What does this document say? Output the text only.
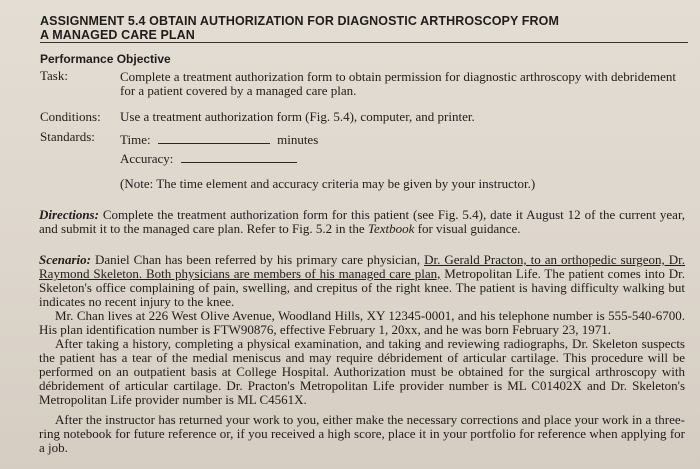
ASSIGNMENT 5.4 OBTAIN AUTHORIZATION FOR DIAGNOSTIC ARTHROSCOPY FROM
A MANAGED CARE PLAN
Performance Objective
Task:	Complete a treatment authorization form to obtain permission for diagnostic arthroscopy with debridement for a patient covered by a managed care plan.
Conditions: Use a treatment authorization form (Fig. 5.4), computer, and printer.
Standards: Time:	minutes
Accuracy:
(Note: The time element and accuracy criteria may be given by your instructor.)
Directions: Complete the treatment authorization form for this patient (see Fig. 5.4), date it August 12 of the current year, and submit it to the managed care plan. Refer to Fig. 5.2 in the Textbook for visual guidance.
Scenario: Daniel Chan has been referred by his primary care physician, Dr. Gerald Practon, to an orthopedic surgeon, Dr. Raymond Skeleton. Both physicians are members of his managed care plan, Metropolitan Life. The patient comes into Dr. Skeleton's office complaining of pain, swelling, and crepitus of the right knee. The patient is having difficulty walking but indicates no recent injury to the knee.
Mr. Chan lives at 226 West Olive Avenue, Woodland Hills, XY 12345-0001, and his telephone number is 555-540-6700. His plan identification number is FTW90876, effective February 1, 20xx, and he was born February 23, 1971.
After taking a history, completing a physical examination, and taking and reviewing radiographs, Dr. Skeleton suspects the patient has a tear of the medial meniscus and may require débridement of articular cartilage. This procedure will be performed on an outpatient basis at College Hospital. Authorization must be obtained for the surgical arthroscopy with débridement of articular cartilage. Dr. Practon's Metropolitan Life provider number is ML C01402X and Dr. Skeleton's Metropolitan Life provider number is ML C4561X.
After the instructor has returned your work to you, either make the necessary corrections and place your work in a three-ring notebook for future reference or, if you received a high score, place it in your portfolio for reference when applying for a job.
